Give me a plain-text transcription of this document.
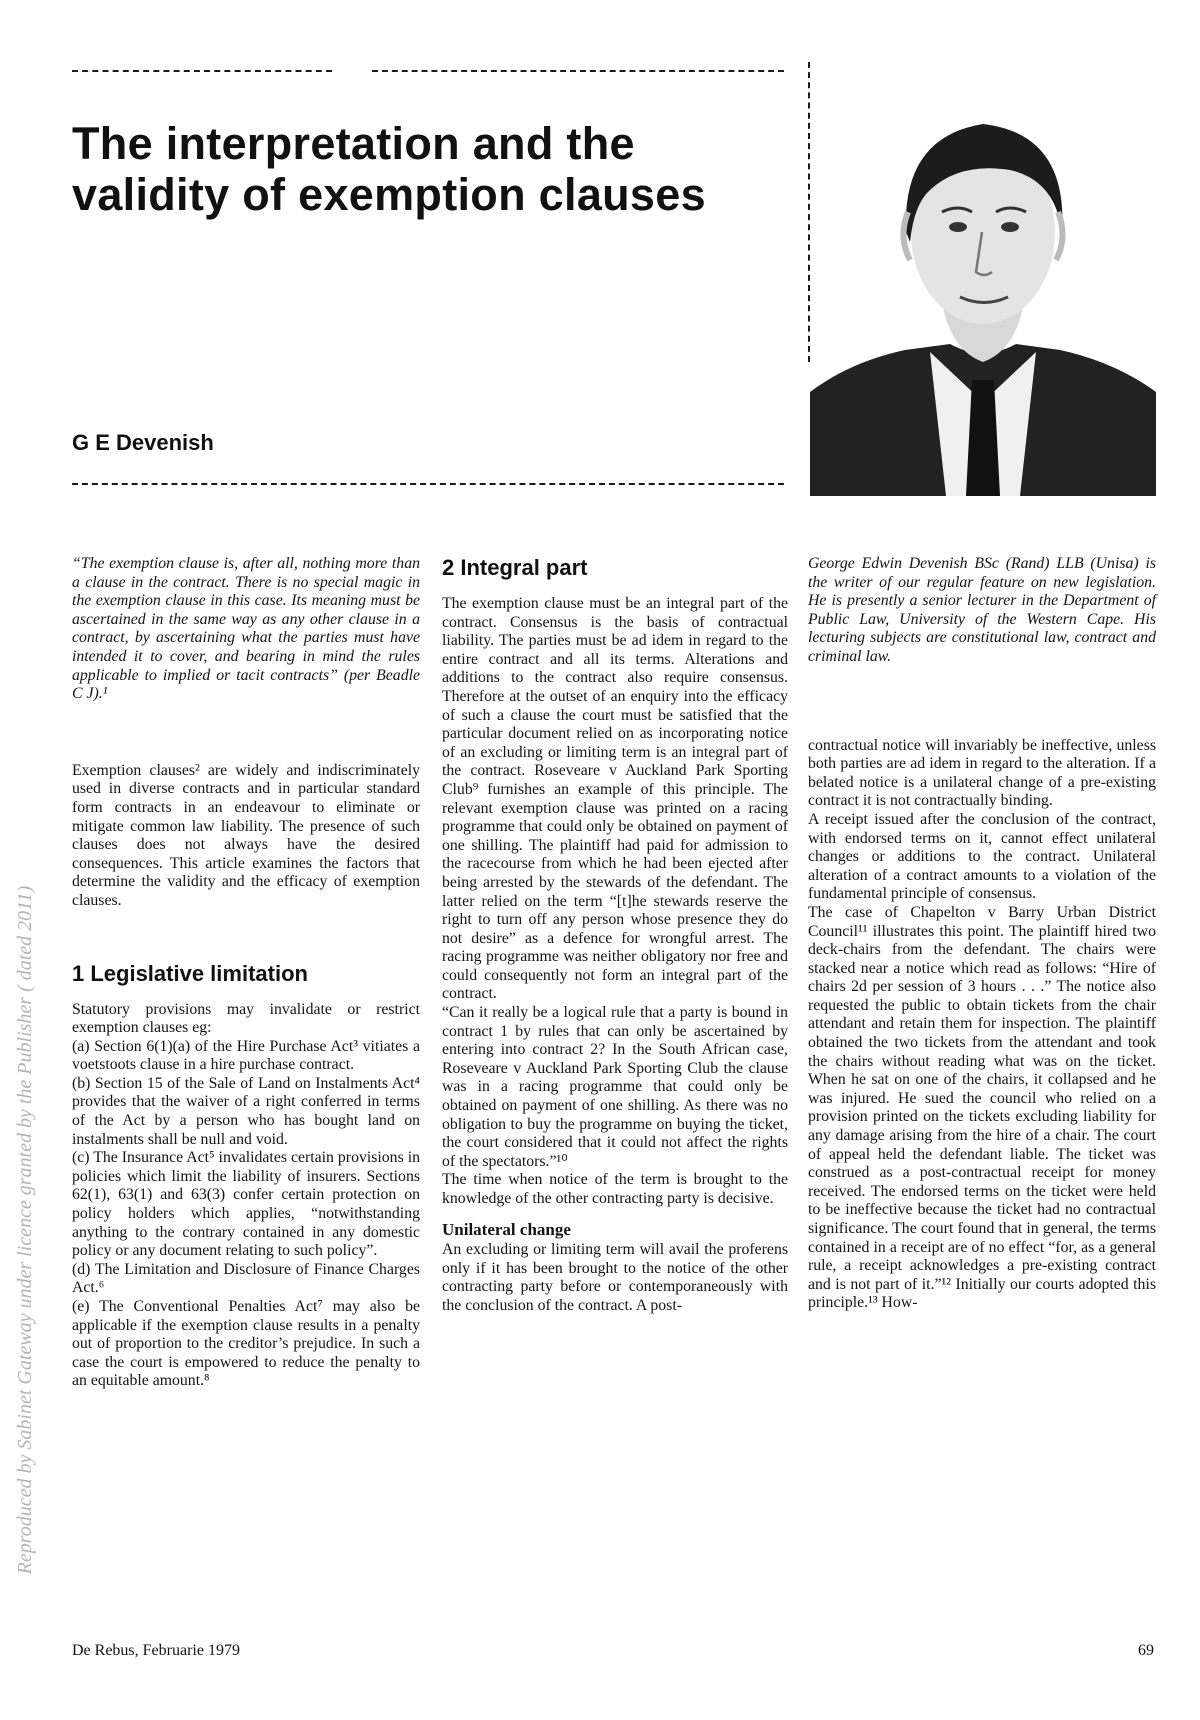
The interpretation and the validity of exemption clauses
G E Devenish

“The exemption clause is, after all, nothing more than a clause in the contract. There is no special magic in the exemption clause in this case. Its meaning must be ascertained in the same way as any other clause in a contract, by ascertaining what the parties must have intended it to cover, and bearing in mind the rules applicable to implied or tacit contracts” (per Beadle C J).¹

Exemption clauses² are widely and indiscriminately used in diverse contracts and in particular standard form contracts in an endeavour to eliminate or mitigate common law liability. The presence of such clauses does not always have the desired consequences. This article examines the factors that determine the validity and the efficacy of exemption clauses.

1 Legislative limitation

Statutory provisions may invalidate or restrict exemption clauses eg:

(a) Section 6(1)(a) of the Hire Purchase Act³ vitiates a voetstoots clause in a hire purchase contract.

(b) Section 15 of the Sale of Land on Instalments Act⁴ provides that the waiver of a right conferred in terms of the Act by a person who has bought land on instalments shall be null and void.

(c) The Insurance Act⁵ invalidates certain provisions in policies which limit the liability of insurers. Sections 62(1), 63(1) and 63(3) confer certain protection on policy holders which applies, “notwithstanding anything to the contrary contained in any domestic policy or any document relating to such policy”.

(d) The Limitation and Disclosure of Finance Charges Act.⁶

(e) The Conventional Penalties Act⁷ may also be applicable if the exemption clause results in a penalty out of proportion to the creditor’s prejudice. In such a case the court is empowered to reduce the penalty to an equitable amount.⁸

2 Integral part

The exemption clause must be an integral part of the contract. Consensus is the basis of contractual liability. The parties must be ad idem in regard to the entire contract and all its terms. Alterations and additions to the contract also require consensus. Therefore at the outset of an enquiry into the efficacy of such a clause the court must be satisfied that the particular document relied on as incorporating notice of an excluding or limiting term is an integral part of the contract. Rosevearе v Auckland Park Sporting Club⁹ furnishes an example of this principle. The relevant exemption clause was printed on a racing programme that could only be obtained on payment of one shilling. The plaintiff had paid for admission to the racecourse from which he had been ejected after being arrested by the stewards of the defendant. The latter relied on the term “[t]he stewards reserve the right to turn off any person whose presence they do not desire” as a defence for wrongful arrest. The racing programme was neither obligatory nor free and could consequently not form an integral part of the contract.

“Can it really be a logical rule that a party is bound in contract 1 by rules that can only be ascertained by entering into contract 2? In the South African case, Rosevearе v Auckland Park Sporting Club the clause was in a racing programme that could only be obtained on payment of one shilling. As there was no obligation to buy the programme on buying the ticket, the court considered that it could not affect the rights of the spectators.”¹⁰

The time when notice of the term is brought to the knowledge of the other contracting party is decisive.

Unilateral change

An excluding or limiting term will avail the proferens only if it has been brought to the notice of the other contracting party before or contemporaneously with the conclusion of the contract. A post-

George Edwin Devenish BSc (Rand) LLB (Unisa) is the writer of our regular feature on new legislation. He is presently a senior lecturer in the Department of Public Law, University of the Western Cape. His lecturing subjects are constitutional law, contract and criminal law.

contractual notice will invariably be ineffective, unless both parties are ad idem in regard to the alteration. If a belated notice is a unilateral change of a pre-existing contract it is not contractually binding.

A receipt issued after the conclusion of the contract, with endorsed terms on it, cannot effect unilateral changes or additions to the contract. Unilateral alteration of a contract amounts to a violation of the fundamental principle of consensus.

The case of Chapelton v Barry Urban District Council¹¹ illustrates this point. The plaintiff hired two deck-chairs from the defendant. The chairs were stacked near a notice which read as follows: “Hire of chairs 2d per session of 3 hours . . .” The notice also requested the public to obtain tickets from the chair attendant and retain them for inspection. The plaintiff obtained the two tickets from the attendant and took the chairs without reading what was on the ticket. When he sat on one of the chairs, it collapsed and he was injured. He sued the council who relied on a provision printed on the tickets excluding liability for any damage arising from the hire of a chair. The court of appeal held the defendant liable. The ticket was construed as a post-contractual receipt for money received. The endorsed terms on the ticket were held to be ineffective because the ticket had no contractual significance. The court found that in general, the terms contained in a receipt are of no effect “for, as a general rule, a receipt acknowledges a pre-existing contract and is not part of it.”¹² Initially our courts adopted this principle.¹³ How-

De Rebus, Februarie 1979	69
Reproduced by Sabinet Gateway under licence granted by the Publisher ( dated 2011)
